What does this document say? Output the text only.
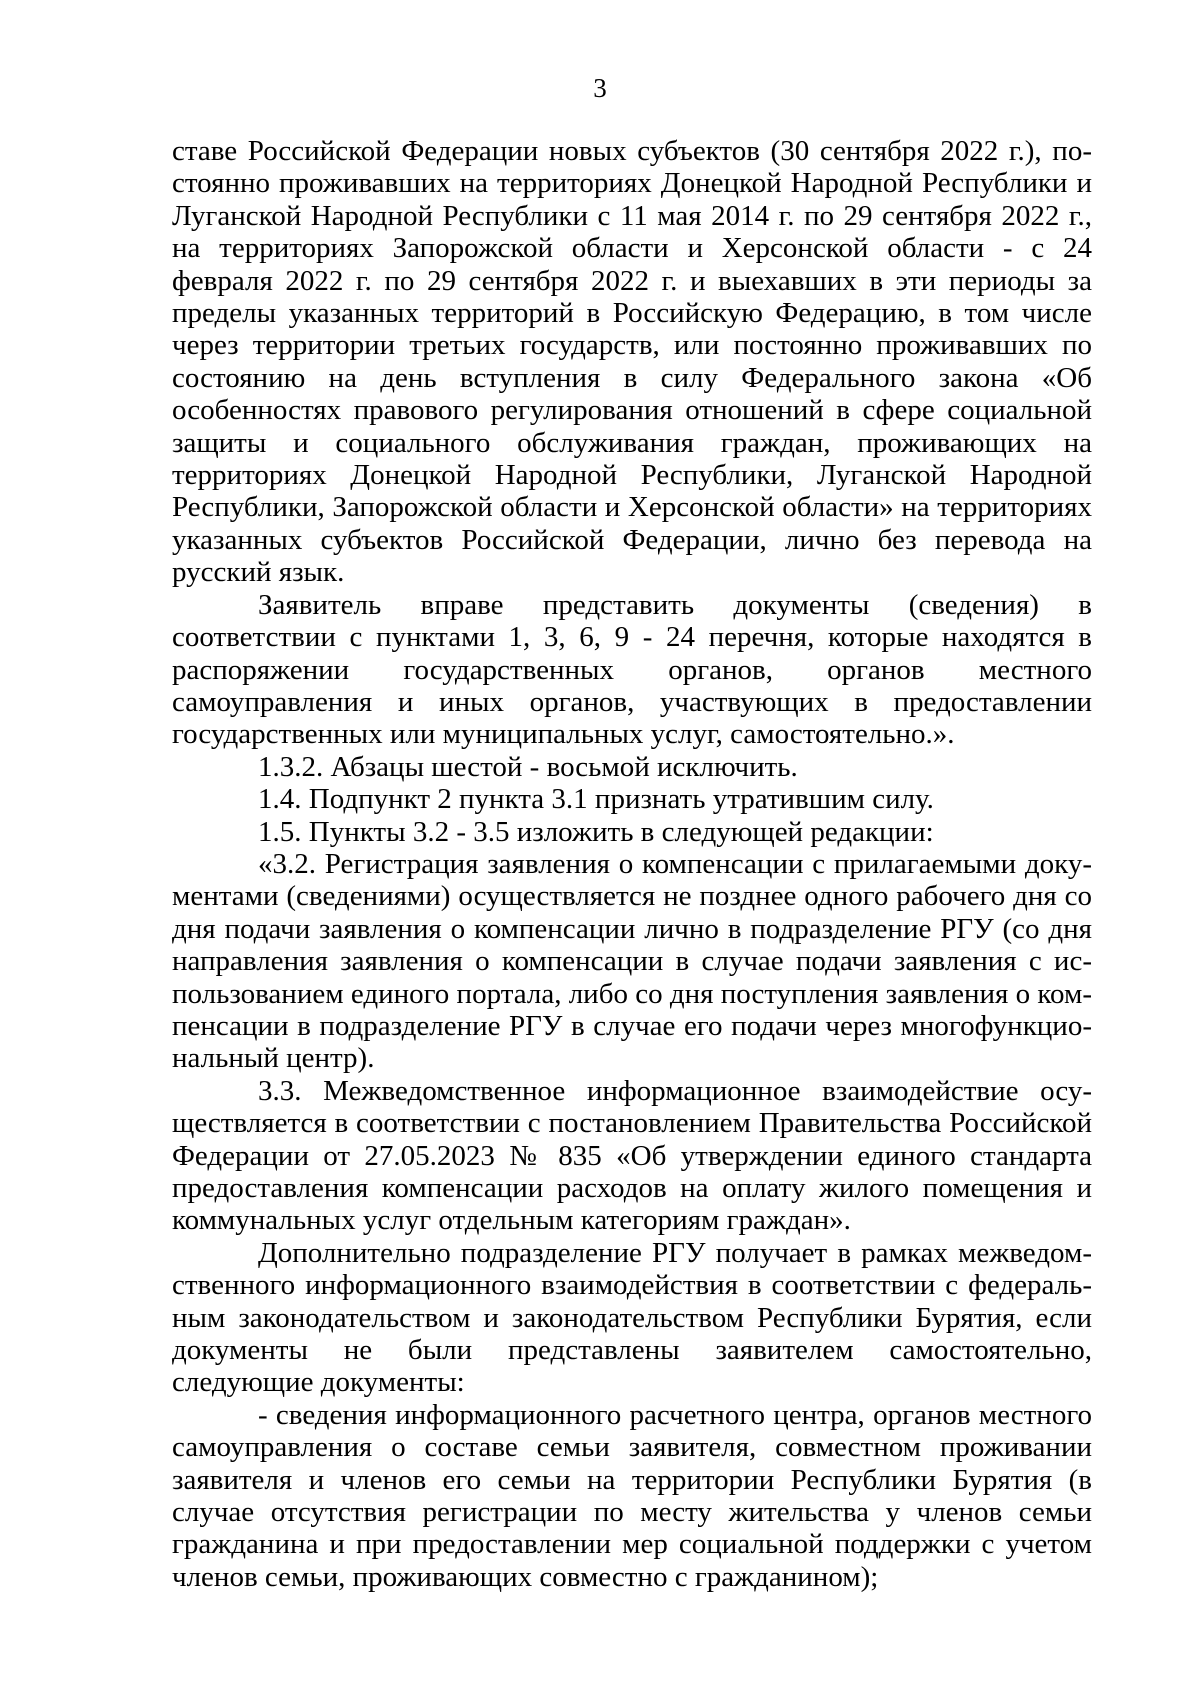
3

ставе Российской Федерации новых субъектов (30 сентября 2022 г.), постоянно проживавших на территориях Донецкой Народной Республики и Луганской Народной Республики с 11 мая 2014 г. по 29 сентября 2022 г., на территориях Запорожской области и Херсонской области - с 24 февраля 2022 г. по 29 сентября 2022 г. и выехавших в эти периоды за пределы указанных территорий в Российскую Федерацию, в том числе через территории третьих государств, или постоянно проживавших по состоянию на день вступления в силу Федерального закона «Об особенностях правового регулирования отношений в сфере социальной защиты и социального обслуживания граждан, проживающих на территориях Донецкой Народной Республики, Луганской Народной Республики, Запорожской области и Херсонской области» на территориях указанных субъектов Российской Федерации, лично без перевода на русский язык.

Заявитель вправе представить документы (сведения) в соответствии с пунктами 1, 3, 6, 9 - 24 перечня, которые находятся в распоряжении государственных органов, органов местного самоуправления и иных органов, участвующих в предоставлении государственных или муниципальных услуг, самостоятельно.».

1.3.2. Абзацы шестой - восьмой исключить.

1.4. Подпункт 2 пункта 3.1 признать утратившим силу.

1.5. Пункты 3.2 - 3.5 изложить в следующей редакции:

«3.2. Регистрация заявления о компенсации с прилагаемыми документами (сведениями) осуществляется не позднее одного рабочего дня со дня подачи заявления о компенсации лично в подразделение РГУ (со дня направления заявления о компенсации в случае подачи заявления с использованием единого портала, либо со дня поступления заявления о компенсации в подразделение РГУ в случае его подачи через многофункциональный центр).

3.3. Межведомственное информационное взаимодействие осуществляется в соответствии с постановлением Правительства Российской Федерации от 27.05.2023 № 835 «Об утверждении единого стандарта предоставления компенсации расходов на оплату жилого помещения и коммунальных услуг отдельным категориям граждан».

Дополнительно подразделение РГУ получает в рамках межведомственного информационного взаимодействия в соответствии с федеральным законодательством и законодательством Республики Бурятия, если документы не были представлены заявителем самостоятельно, следующие документы:

- сведения информационного расчетного центра, органов местного самоуправления о составе семьи заявителя, совместном проживании заявителя и членов его семьи на территории Республики Бурятия (в случае отсутствия регистрации по месту жительства у членов семьи гражданина и при предоставлении мер социальной поддержки с учетом членов семьи, проживающих совместно с гражданином);
